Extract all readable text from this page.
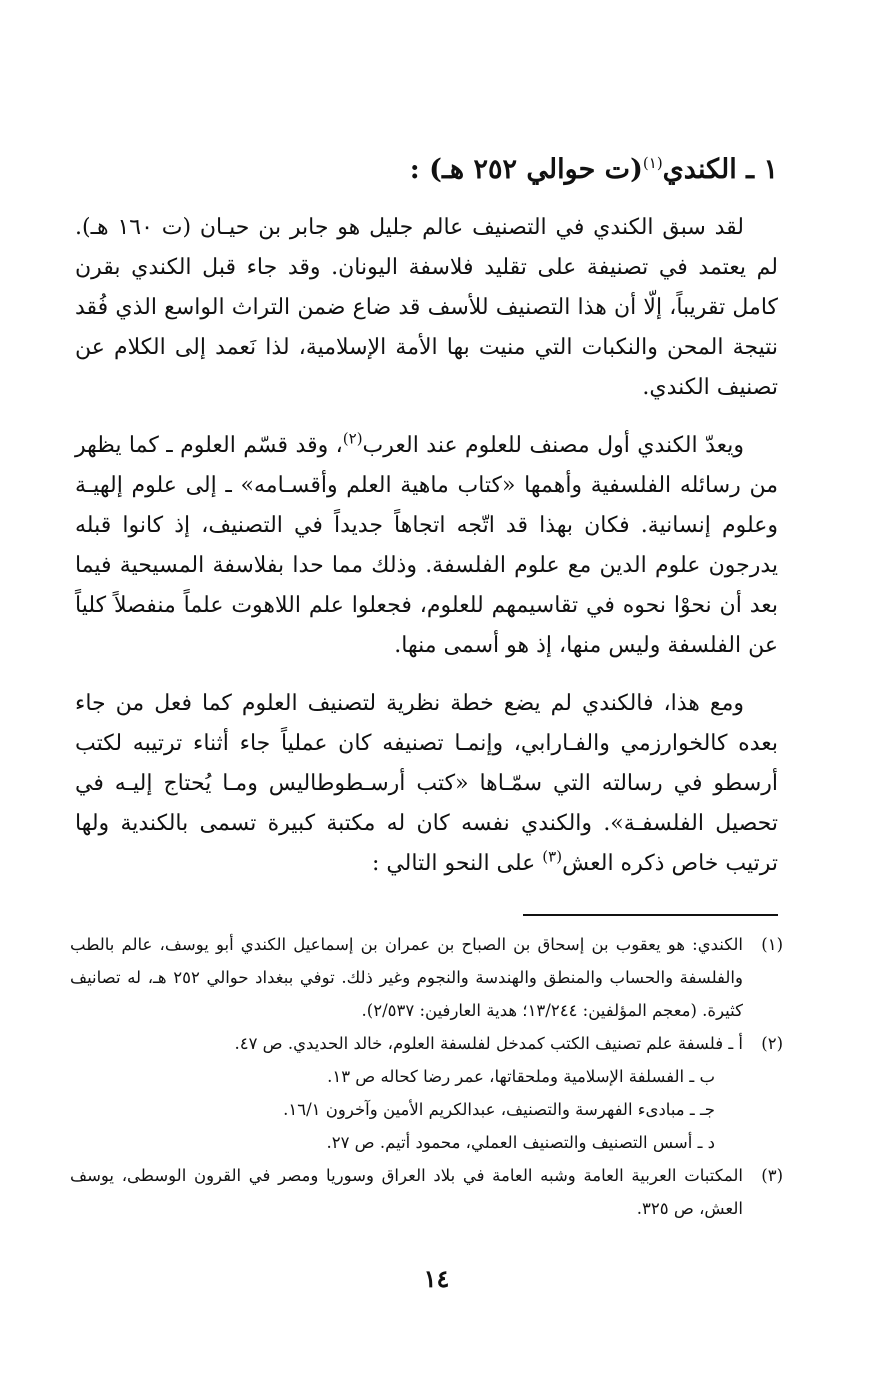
١ ـ الكندي$^{(١)}$(ت حوالي ٢٥٢ هـ) :

لقد سبق الكندي في التصنيف عالم جليل هو جابر بن حيـان (ت ١٦٠ هـ). لم يعتمد في تصنيفة على تقليد فلاسفة اليونان. وقد جاء قبل الكندي بقرن كامل تقريباً، إلّا أن هذا التصنيف للأسف قد ضاع ضمن التراث الواسع الذي فُقد نتيجة المحن والنكبات التي منيت بها الأمة الإسلامية، لذا نَعمد إلى الكلام عن تصنيف الكندي.

ويعدّ الكندي أول مصنف للعلوم عند العرب$^{(٢)}$، وقد قسّم العلوم ـ كما يظهر من رسائله الفلسفية وأهمها «كتاب ماهية العلم وأقسـامه» ـ إلى علوم إلهيـة وعلوم إنسانية. فكان بهذا قد اتّجه اتجاهاً جديداً في التصنيف، إذ كانوا قبله يدرجون علوم الدين مع علوم الفلسفة. وذلك مما حدا بفلاسفة المسيحية فيما بعد أن نحوْا نحوه في تقاسيمهم للعلوم، فجعلوا علم اللاهوت علماً منفصلاً كلياً عن الفلسفة وليس منها، إذ هو أسمى منها.

ومع هذا، فالكندي لم يضع خطة نظرية لتصنيف العلوم كما فعل من جاء بعده كالخوارزمي والفـارابي، وإنمـا تصنيفه كان عملياً جاء أثناء ترتيبه لكتب أرسطو في رسالته التي سمّـاها «كتب أرسـطوطاليس ومـا يُحتاج إليـه في تحصيل الفلسفـة». والكندي نفسه كان له مكتبة كبيرة تسمى بالكندية ولها ترتيب خاص ذكره العش$^{(٣)}$ على النحو التالي :

(١)
الكندي: هو يعقوب بن إسحاق بن الصباح بن عمران بن إسماعيل الكندي أبو يوسف، عالم بالطب والفلسفة والحساب والمنطق والهندسة والنجوم وغير ذلك. توفي ببغداد حوالي ٢٥٢ هـ، له تصانيف كثيرة. (معجم المؤلفين: ١٣/٢٤٤؛ هدية العارفين: ٢/٥٣٧).
(٢)
أ ـ فلسفة علم تصنيف الكتب كمدخل لفلسفة العلوم، خالد الحديدي. ص ٤٧.
ب ـ الفسلفة الإسلامية وملحقاتها، عمر رضا كحاله ص ١٣.
جـ ـ مبادىء الفهرسة والتصنيف، عبدالكريم الأمين وآخرون ١٦/١.
د ـ أسس التصنيف والتصنيف العملي، محمود أتيم. ص ٢٧.
(٣)
المكتبات العربية العامة وشبه العامة في بلاد العراق وسوريا ومصر في القرون الوسطى، يوسف العش، ص ٣٢٥.
١٤
